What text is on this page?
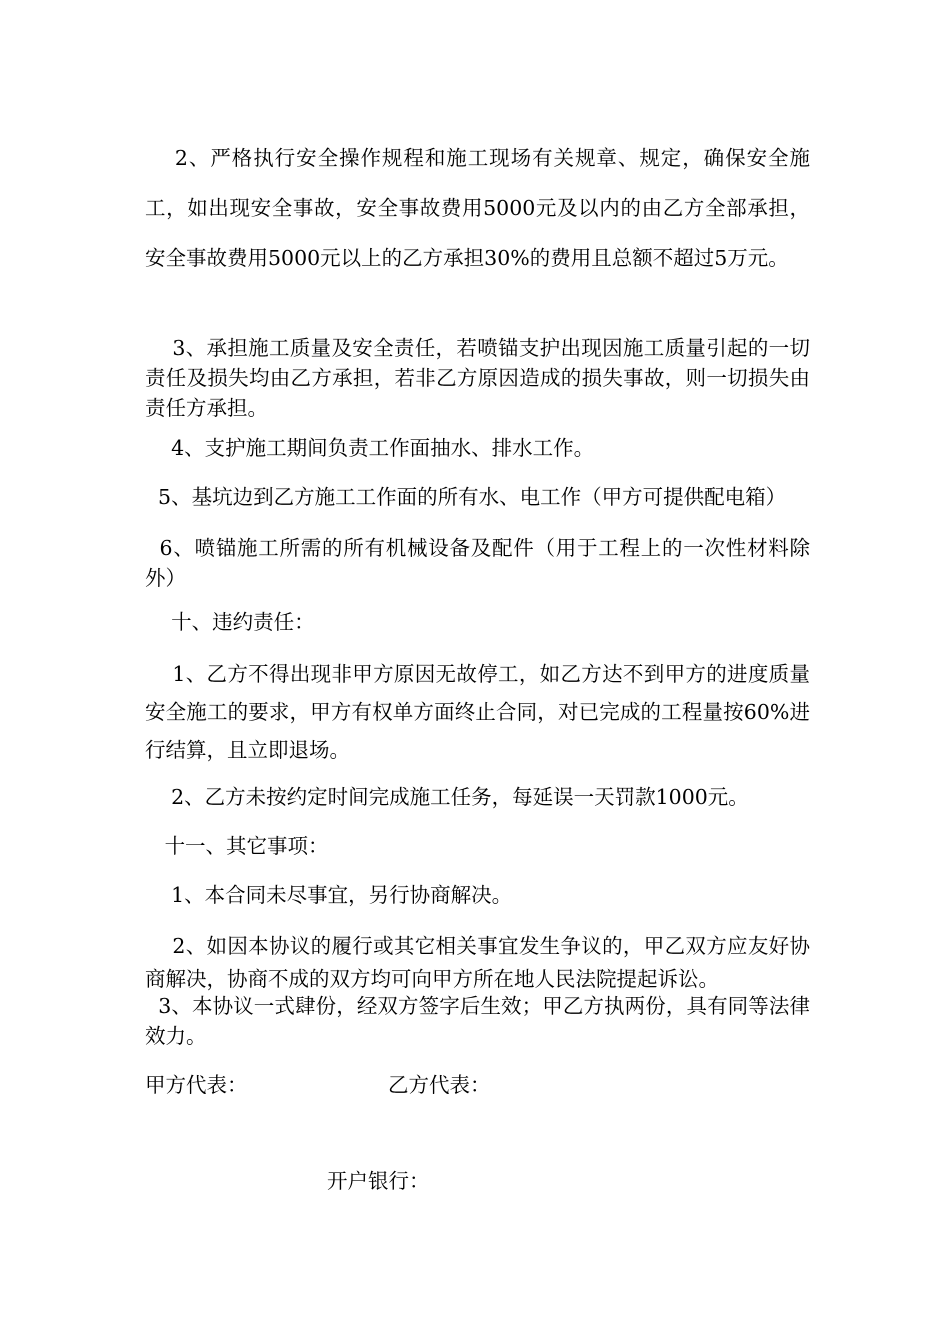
2、严格执行安全操作规程和施工现场有关规章、规定，确保安全施工，如出现安全事故，安全事故费用5000元及以内的由乙方全部承担，安全事故费用5000元以上的乙方承担30%的费用且总额不超过5万元。

3、承担施工质量及安全责任，若喷锚支护出现因施工质量引起的一切责任及损失均由乙方承担，若非乙方原因造成的损失事故，则一切损失由责任方承担。

4、支护施工期间负责工作面抽水、排水工作。

5、基坑边到乙方施工工作面的所有水、电工作（甲方可提供配电箱）

6、喷锚施工所需的所有机械设备及配件（用于工程上的一次性材料除外）

十、违约责任：

1、乙方不得出现非甲方原因无故停工，如乙方达不到甲方的进度质量安全施工的要求，甲方有权单方面终止合同，对已完成的工程量按60%进行结算，且立即退场。

2、乙方未按约定时间完成施工任务，每延误一天罚款1000元。

十一、其它事项：

1、本合同未尽事宜，另行协商解决。

2、如因本协议的履行或其它相关事宜发生争议的，甲乙双方应友好协商解决，协商不成的双方均可向甲方所在地人民法院提起诉讼。

3、本协议一式肆份，经双方签字后生效；甲乙方执两份，具有同等法律效力。

甲方代表：	乙方代表：

开户银行：
